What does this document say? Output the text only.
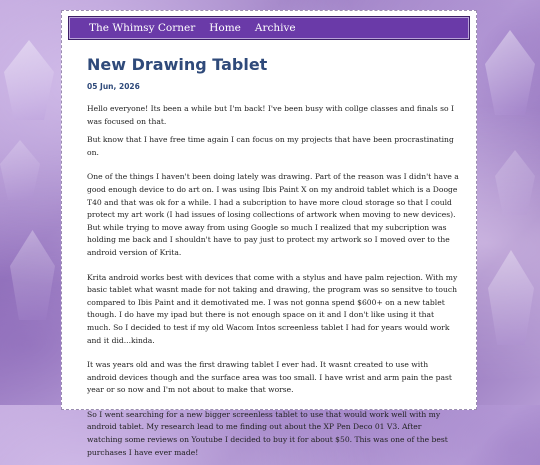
The Whimsy Corner Home Archive
New Drawing Tablet
05 Jun, 2026

Hello everyone! Its been a while but I'm back! I've been busy with collge classes and finals so I was focused on that.

But know that I have free time again I can focus on my projects that have been procrastinating on.

One of the things I haven't been doing lately was drawing. Part of the reason was I didn't have a good enough device to do art on. I was using Ibis Paint X on my android tablet which is a Dooge T40 and that was ok for a while. I had a subcription to have more cloud storage so that I could protect my art work (I had issues of losing collections of artwork when moving to new devices). But while trying to move away from using Google so much I realized that my subcription was holding me back and I shouldn't have to pay just to protect my artwork so I moved over to the android version of Krita.

Krita android works best with devices that come with a stylus and have palm rejection. With my basic tablet what wasnt made for not taking and drawing, the program was so sensitve to touch compared to Ibis Paint and it demotivated me. I was not gonna spend $600+ on a new tablet though. I do have my ipad but there is not enough space on it and I don't like using it that much. So I decided to test if my old Wacom Intos screenless tablet I had for years would work and it did...kinda.

It was years old and was the first drawing tablet I ever had. It wasnt created to use with android devices though and the surface area was too small. I have wrist and arm pain the past year or so now and I'm not about to make that worse.

So I went searching for a new bigger screenless tablet to use that would work well with my android tablet. My research lead to me finding out about the XP Pen Deco 01 V3. After watching some reviews on Youtube I decided to buy it for about $50. This was one of the best purchases I have ever made!
